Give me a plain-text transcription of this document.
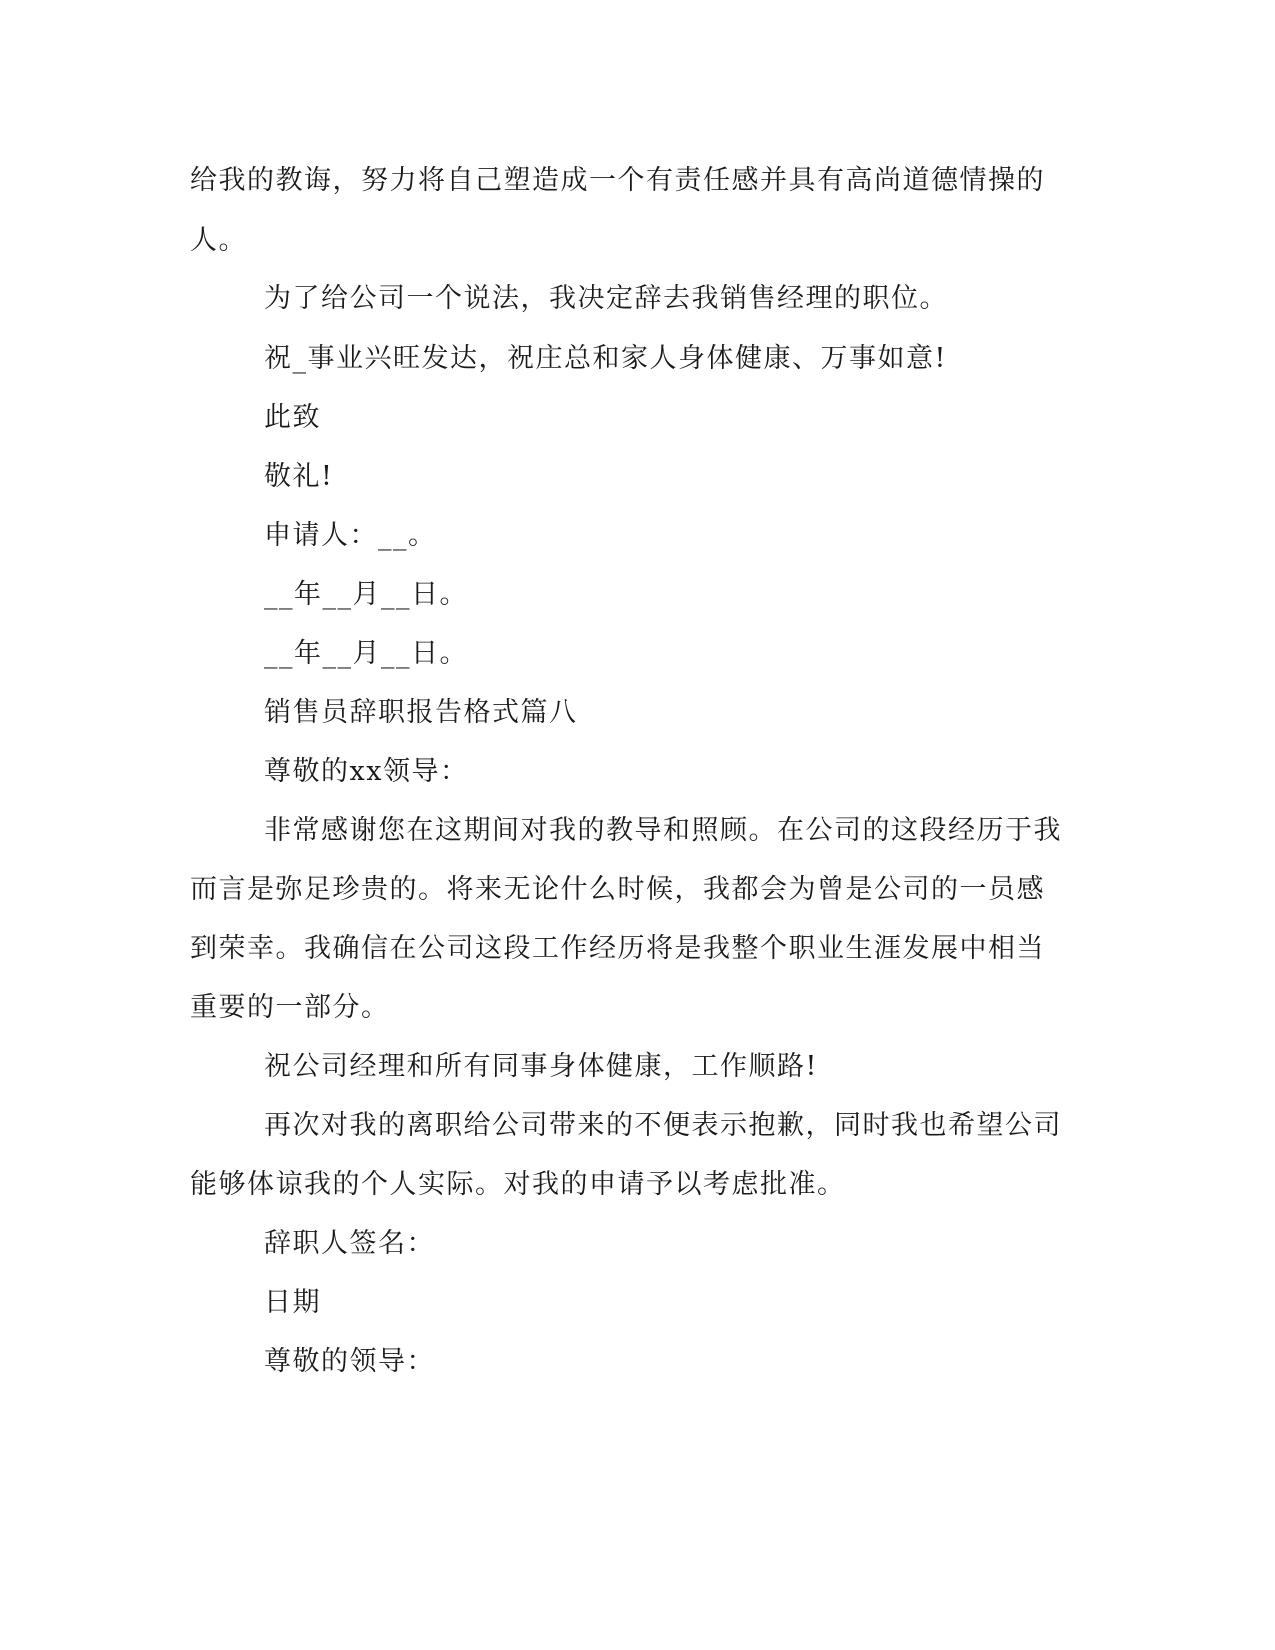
给我的教诲，努力将自己塑造成一个有责任感并具有高尚道德情操的
人。
为了给公司一个说法，我决定辞去我销售经理的职位。
祝_事业兴旺发达，祝庄总和家人身体健康、万事如意!
此致
敬礼!
申请人：__。
__年__月__日。
__年__月__日。
销售员辞职报告格式篇八
尊敬的xx领导：
非常感谢您在这期间对我的教导和照顾。在公司的这段经历于我
而言是弥足珍贵的。将来无论什么时候，我都会为曾是公司的一员感
到荣幸。我确信在公司这段工作经历将是我整个职业生涯发展中相当
重要的一部分。
祝公司经理和所有同事身体健康，工作顺路!
再次对我的离职给公司带来的不便表示抱歉，同时我也希望公司
能够体谅我的个人实际。对我的申请予以考虑批准。
辞职人签名：
日期
尊敬的领导：
